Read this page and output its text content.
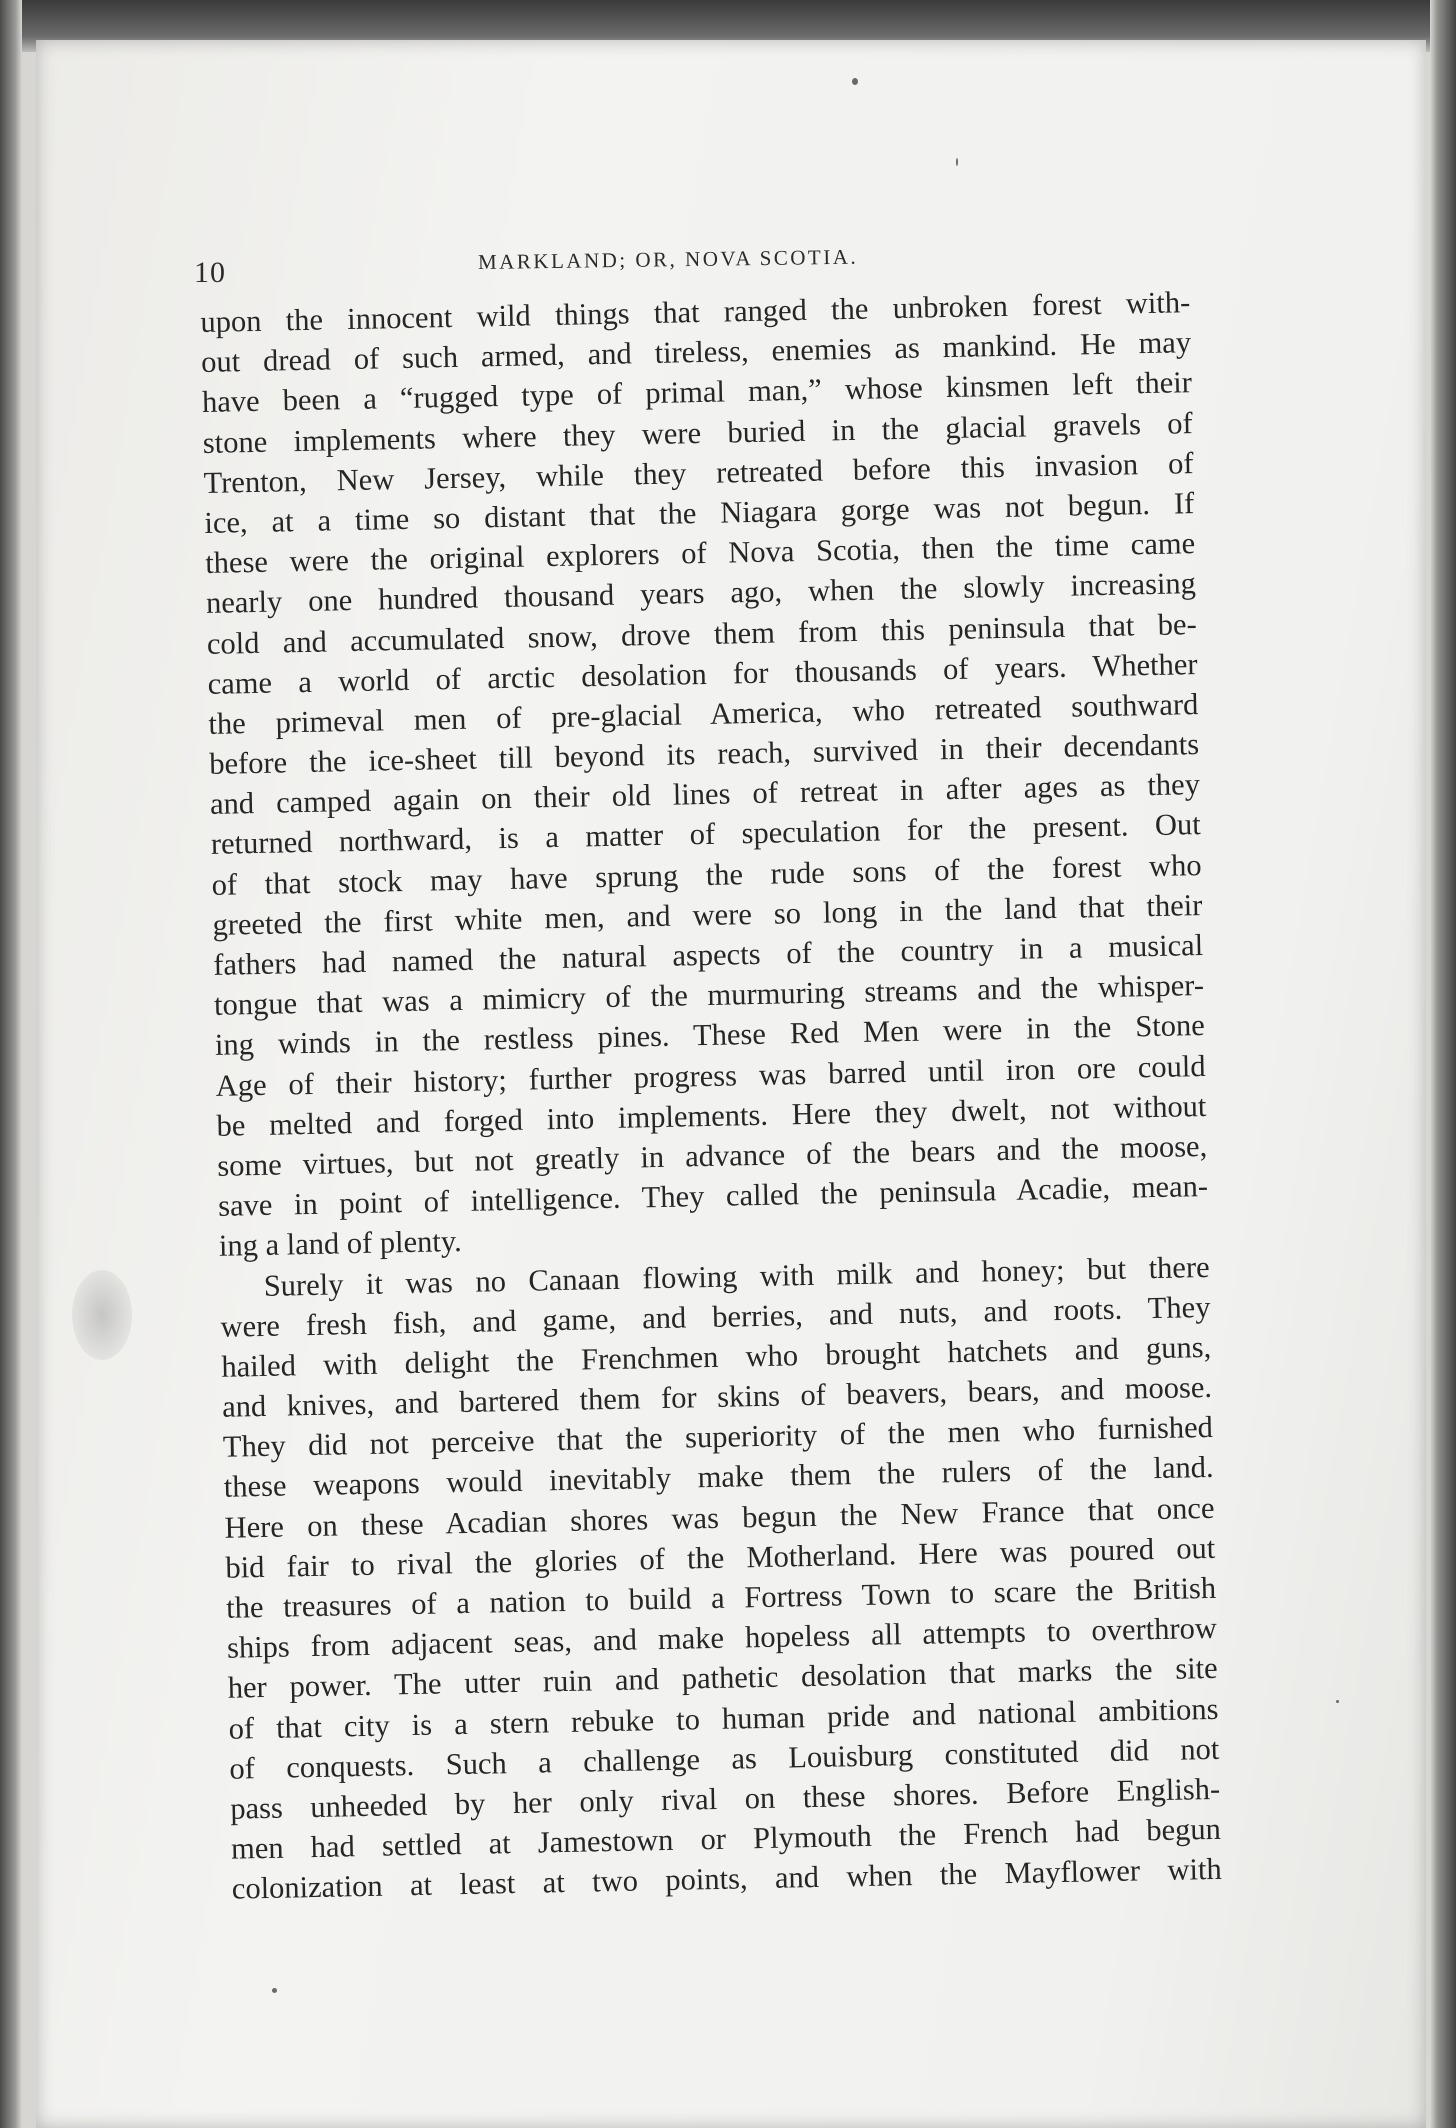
10	MARKLAND; OR, NOVA SCOTIA.
upon the innocent wild things that ranged the unbroken forest with-
out dread of such armed, and tireless, enemies as mankind. He may
have been a “rugged type of primal man,” whose kinsmen left their
stone implements where they were buried in the glacial gravels of
Trenton, New Jersey, while they retreated before this invasion of
ice, at a time so distant that the Niagara gorge was not begun. If
these were the original explorers of Nova Scotia, then the time came
nearly one hundred thousand years ago, when the slowly increasing
cold and accumulated snow, drove them from this peninsula that be-
came a world of arctic desolation for thousands of years. Whether
the primeval men of pre-glacial America, who retreated southward
before the ice-sheet till beyond its reach, survived in their decendants
and camped again on their old lines of retreat in after ages as they
returned northward, is a matter of speculation for the present. Out
of that stock may have sprung the rude sons of the forest who
greeted the first white men, and were so long in the land that their
fathers had named the natural aspects of the country in a musical
tongue that was a mimicry of the murmuring streams and the whisper-
ing winds in the restless pines. These Red Men were in the Stone
Age of their history; further progress was barred until iron ore could
be melted and forged into implements. Here they dwelt, not without
some virtues, but not greatly in advance of the bears and the moose,
save in point of intelligence. They called the peninsula Acadie, mean-
ing a land of plenty.
Surely it was no Canaan flowing with milk and honey; but there
were fresh fish, and game, and berries, and nuts, and roots. They
hailed with delight the Frenchmen who brought hatchets and guns,
and knives, and bartered them for skins of beavers, bears, and moose.
They did not perceive that the superiority of the men who furnished
these weapons would inevitably make them the rulers of the land.
Here on these Acadian shores was begun the New France that once
bid fair to rival the glories of the Motherland. Here was poured out
the treasures of a nation to build a Fortress Town to scare the British
ships from adjacent seas, and make hopeless all attempts to overthrow
her power. The utter ruin and pathetic desolation that marks the site
of that city is a stern rebuke to human pride and national ambitions
of conquests. Such a challenge as Louisburg constituted did not
pass unheeded by her only rival on these shores. Before English-
men had settled at Jamestown or Plymouth the French had begun
colonization at least at two points, and when the Mayflower with
